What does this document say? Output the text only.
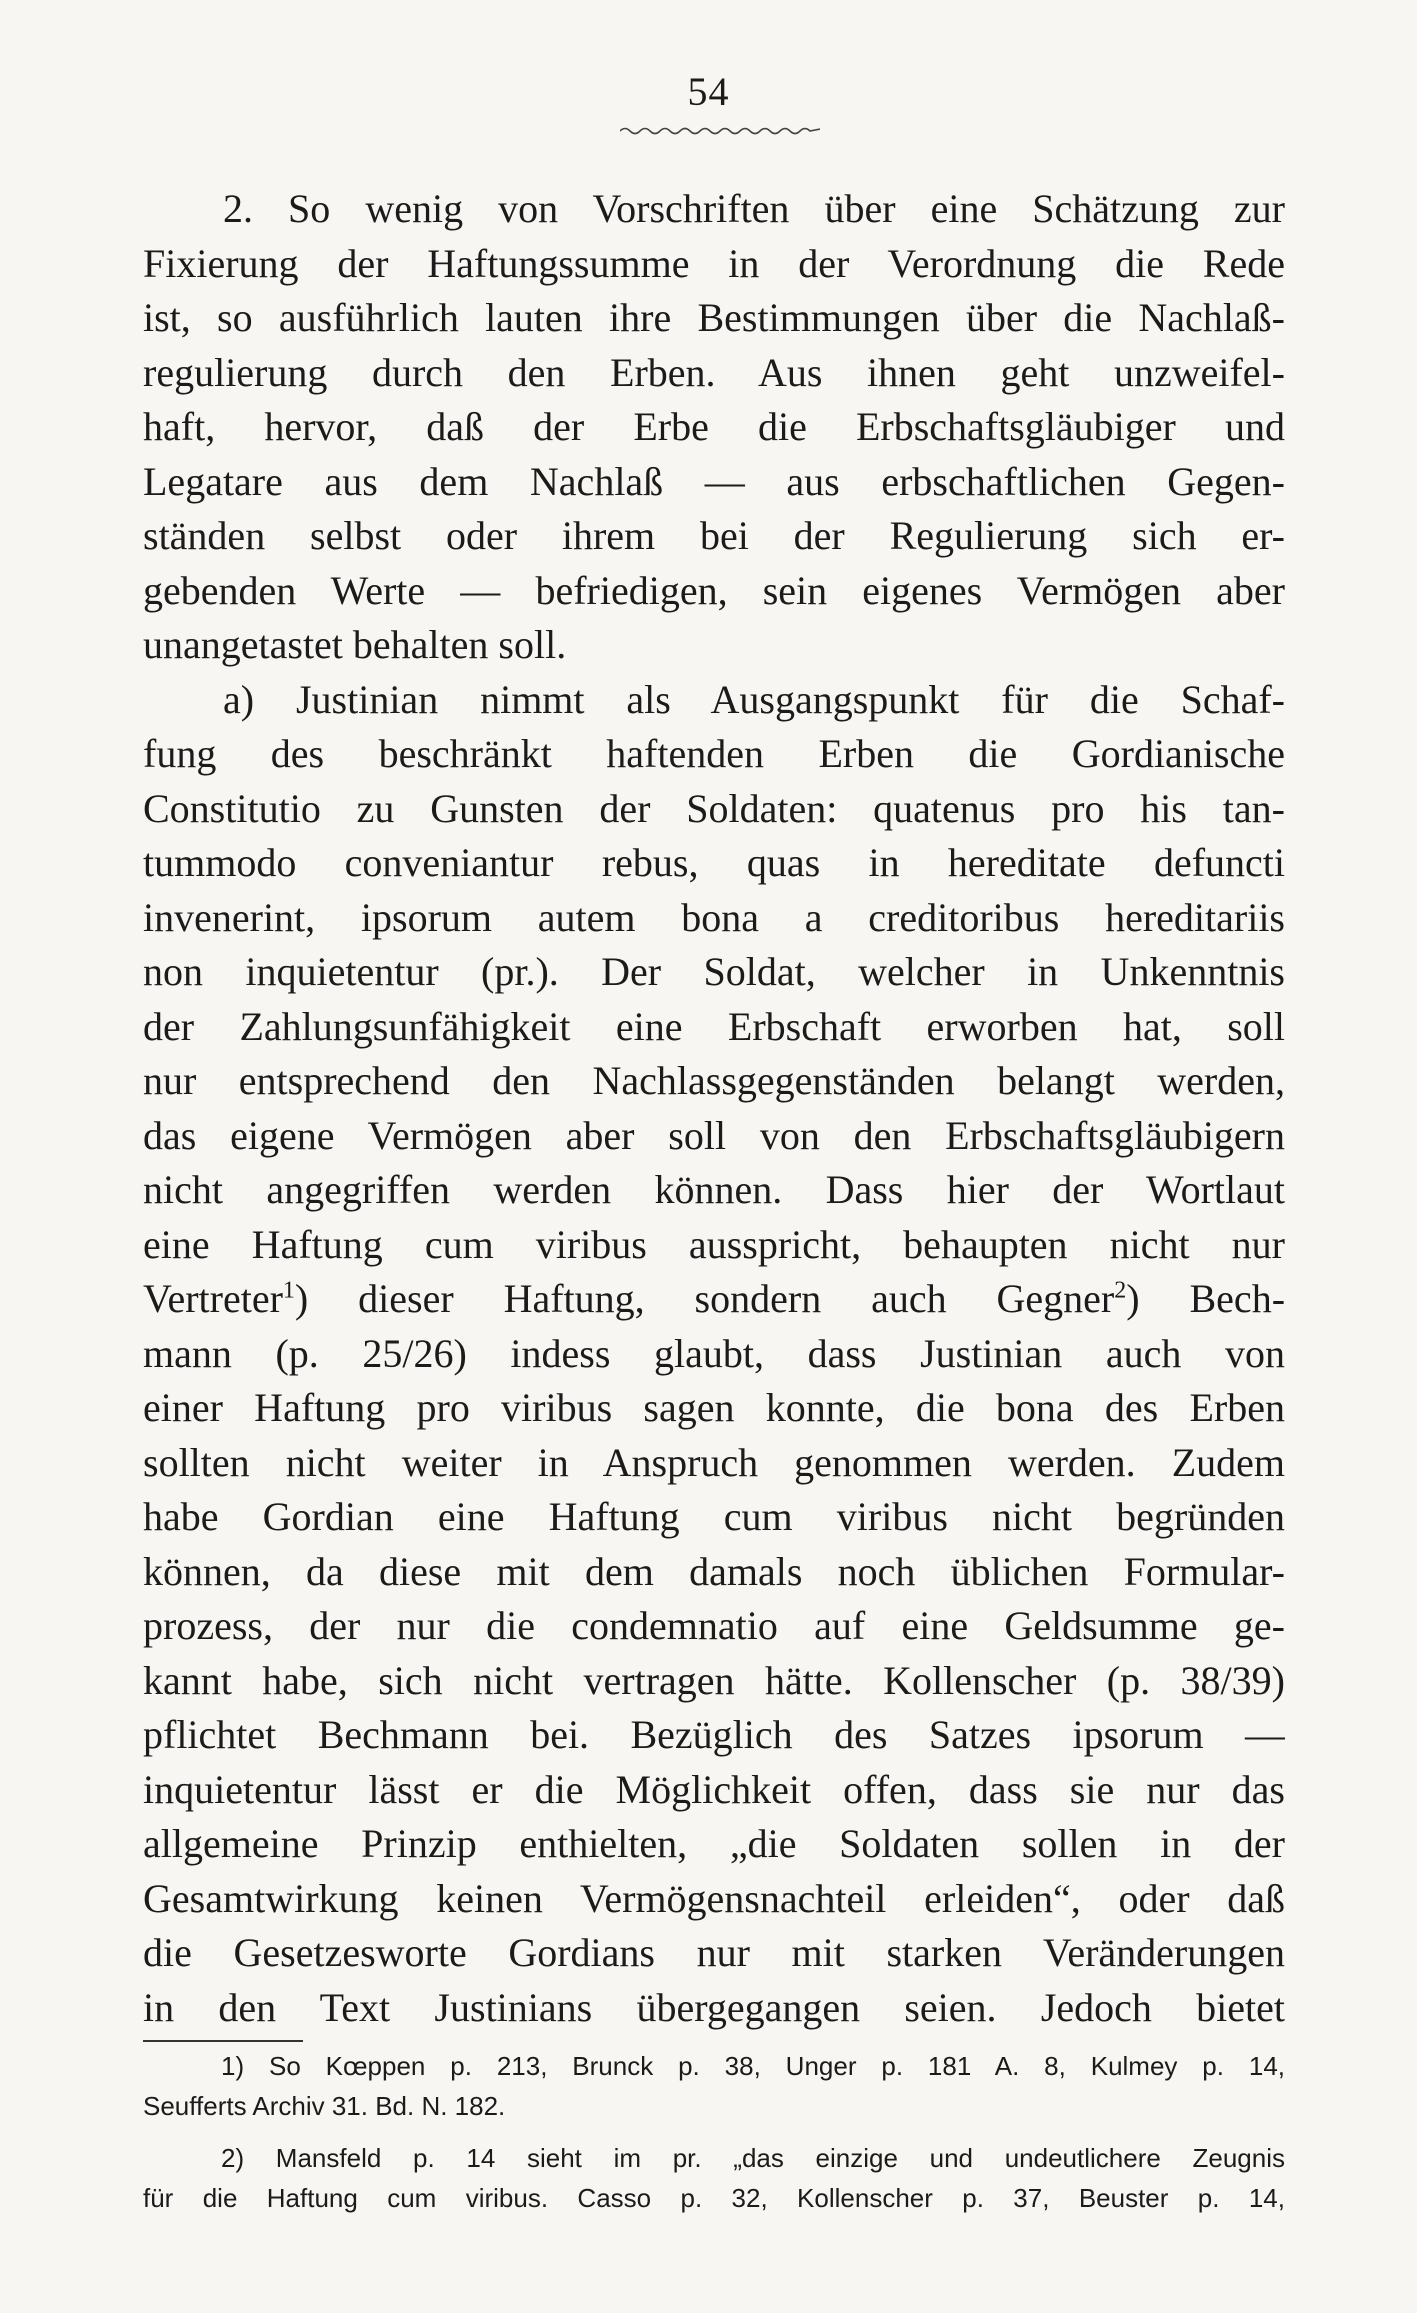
54
2. So wenig von Vorschriften über eine Schätzung zur
Fixierung der Haftungssumme in der Verordnung die Rede
ist, so ausführlich lauten ihre Bestimmungen über die Nachlaß-
regulierung durch den Erben. Aus ihnen geht unzweifel-
haft, hervor, daß der Erbe die Erbschaftsgläubiger und
Legatare aus dem Nachlaß — aus erbschaftlichen Gegen-
ständen selbst oder ihrem bei der Regulierung sich er-
gebenden Werte — befriedigen, sein eigenes Vermögen aber
unangetastet behalten soll.
a) Justinian nimmt als Ausgangspunkt für die Schaf-
fung des beschränkt haftenden Erben die Gordianische
Constitutio zu Gunsten der Soldaten: quatenus pro his tan-
tummodo conveniantur rebus, quas in hereditate defuncti
invenerint, ipsorum autem bona a creditoribus hereditariis
non inquietentur (pr.). Der Soldat, welcher in Unkenntnis
der Zahlungsunfähigkeit eine Erbschaft erworben hat, soll
nur entsprechend den Nachlassgegenständen belangt werden,
das eigene Vermögen aber soll von den Erbschaftsgläubigern
nicht angegriffen werden können. Dass hier der Wortlaut
eine Haftung cum viribus ausspricht, behaupten nicht nur
Vertreter$^1$) dieser Haftung, sondern auch Gegner$^2$) Bech-
mann (p. 25/26) indess glaubt, dass Justinian auch von
einer Haftung pro viribus sagen konnte, die bona des Erben
sollten nicht weiter in Anspruch genommen werden. Zudem
habe Gordian eine Haftung cum viribus nicht begründen
können, da diese mit dem damals noch üblichen Formular-
prozess, der nur die condemnatio auf eine Geldsumme ge-
kannt habe, sich nicht vertragen hätte. Kollenscher (p. 38/39)
pflichtet Bechmann bei. Bezüglich des Satzes ipsorum —
inquietentur lässt er die Möglichkeit offen, dass sie nur das
allgemeine Prinzip enthielten, „die Soldaten sollen in der
Gesamtwirkung keinen Vermögensnachteil erleiden“, oder daß
die Gesetzesworte Gordians nur mit starken Veränderungen
in den Text Justinians übergegangen seien. Jedoch bietet
1) So Kœppen p. 213, Brunck p. 38, Unger p. 181 A. 8, Kulmey p. 14,
Seufferts Archiv 31. Bd. N. 182.
2) Mansfeld p. 14 sieht im pr. „das einzige und undeutlichere Zeugnis
für die Haftung cum viribus. Casso p. 32, Kollenscher p. 37, Beuster p. 14,
